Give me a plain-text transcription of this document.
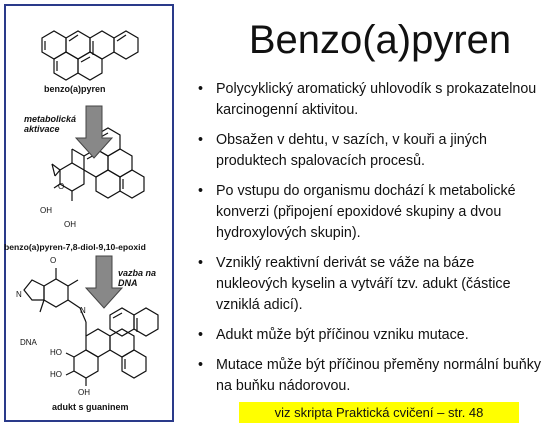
benzo(a)pyren
metabolická aktivace
benzo(a)pyren-7,8-diol-9,10-epoxid
vazba na DNA
adukt s guaninem
O
OH
OH
O
N
N
DNA
HO
HO
OH
Benzo(a)pyren
• Polycyklický aromatický uhlovodík s prokazatelnou karcinogenní aktivitou.
• Obsažen v dehtu, v sazích, v kouři a jiných produktech spalovacích procesů.
• Po vstupu do organismu dochází k metabolické konverzi (připojení epoxidové skupiny a dvou hydroxylových skupin).
• Vzniklý reaktivní derivát se váže na báze nukleových kyselin a vytváří tzv. adukt (částice vzniklá adicí).
• Adukt může být příčinou vzniku mutace.
• Mutace může být příčinou přeměny normální buňky na buňku nádorovou.
viz skripta Praktická cvičení – str. 48
